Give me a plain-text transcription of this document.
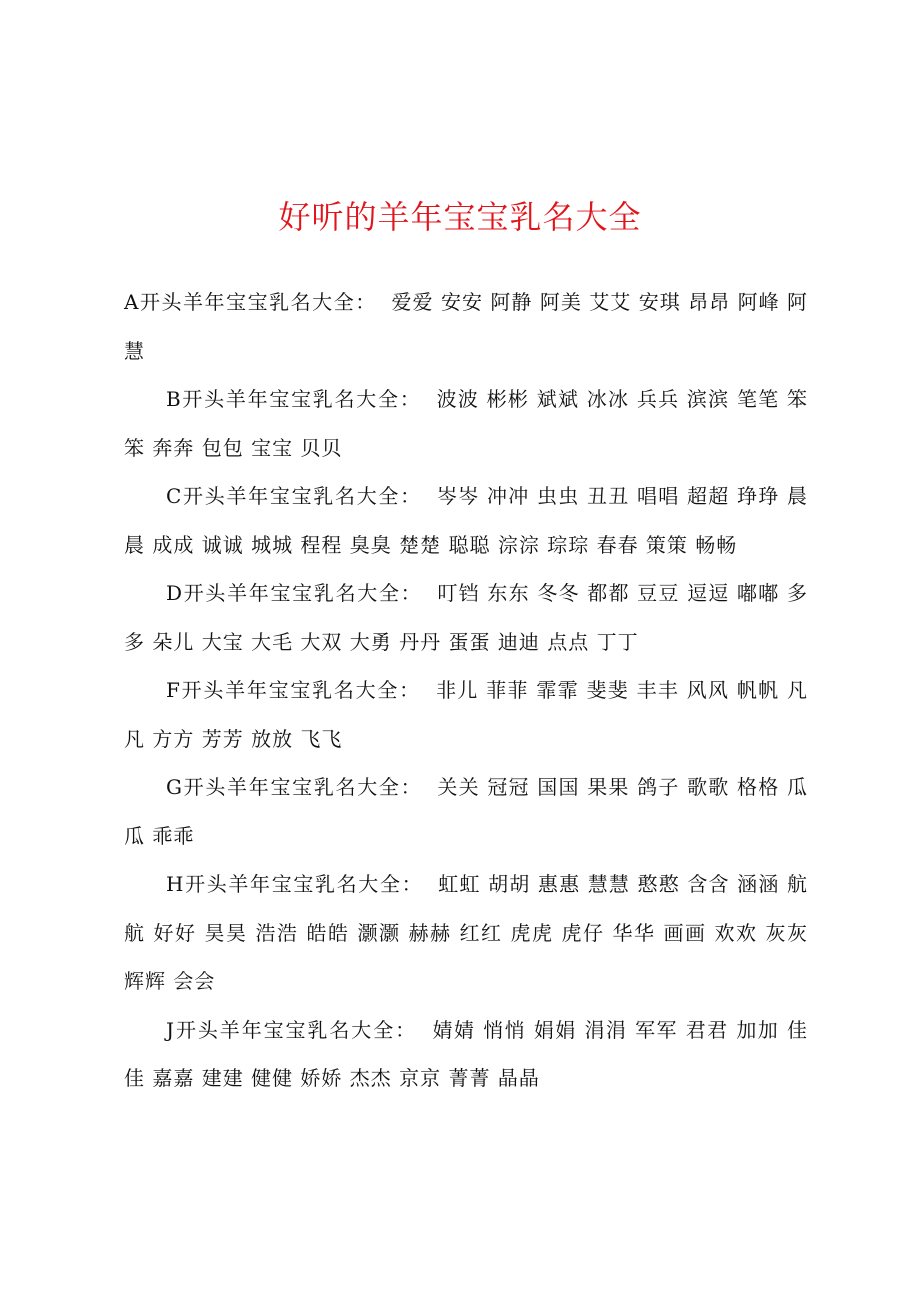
好听的羊年宝宝乳名大全

A开头羊年宝宝乳名大全： 爱爱 安安 阿静 阿美 艾艾 安琪 昂昂 阿峰 阿慧

B开头羊年宝宝乳名大全： 波波 彬彬 斌斌 冰冰 兵兵 滨滨 笔笔 笨笨 奔奔 包包 宝宝 贝贝

C开头羊年宝宝乳名大全： 岑岑 冲冲 虫虫 丑丑 唱唱 超超 琤琤 晨晨 成成 诚诚 城城 程程 臭臭 楚楚 聪聪 淙淙 琮琮 春春 策策 畅畅

D开头羊年宝宝乳名大全： 叮铛 东东 冬冬 都都 豆豆 逗逗 嘟嘟 多多 朵儿 大宝 大毛 大双 大勇 丹丹 蛋蛋 迪迪 点点 丁丁

F开头羊年宝宝乳名大全： 非儿 菲菲 霏霏 斐斐 丰丰 风风 帆帆 凡凡 方方 芳芳 放放 飞飞

G开头羊年宝宝乳名大全： 关关 冠冠 国国 果果 鸽子 歌歌 格格 瓜瓜 乖乖

H开头羊年宝宝乳名大全： 虹虹 胡胡 惠惠 慧慧 憨憨 含含 涵涵 航航 好好 昊昊 浩浩 皓皓 灏灏 赫赫 红红 虎虎 虎仔 华华 画画 欢欢 灰灰 辉辉 会会

J开头羊年宝宝乳名大全： 婧婧 悄悄 娟娟 涓涓 军军 君君 加加 佳佳 嘉嘉 建建 健健 娇娇 杰杰 京京 菁菁 晶晶
